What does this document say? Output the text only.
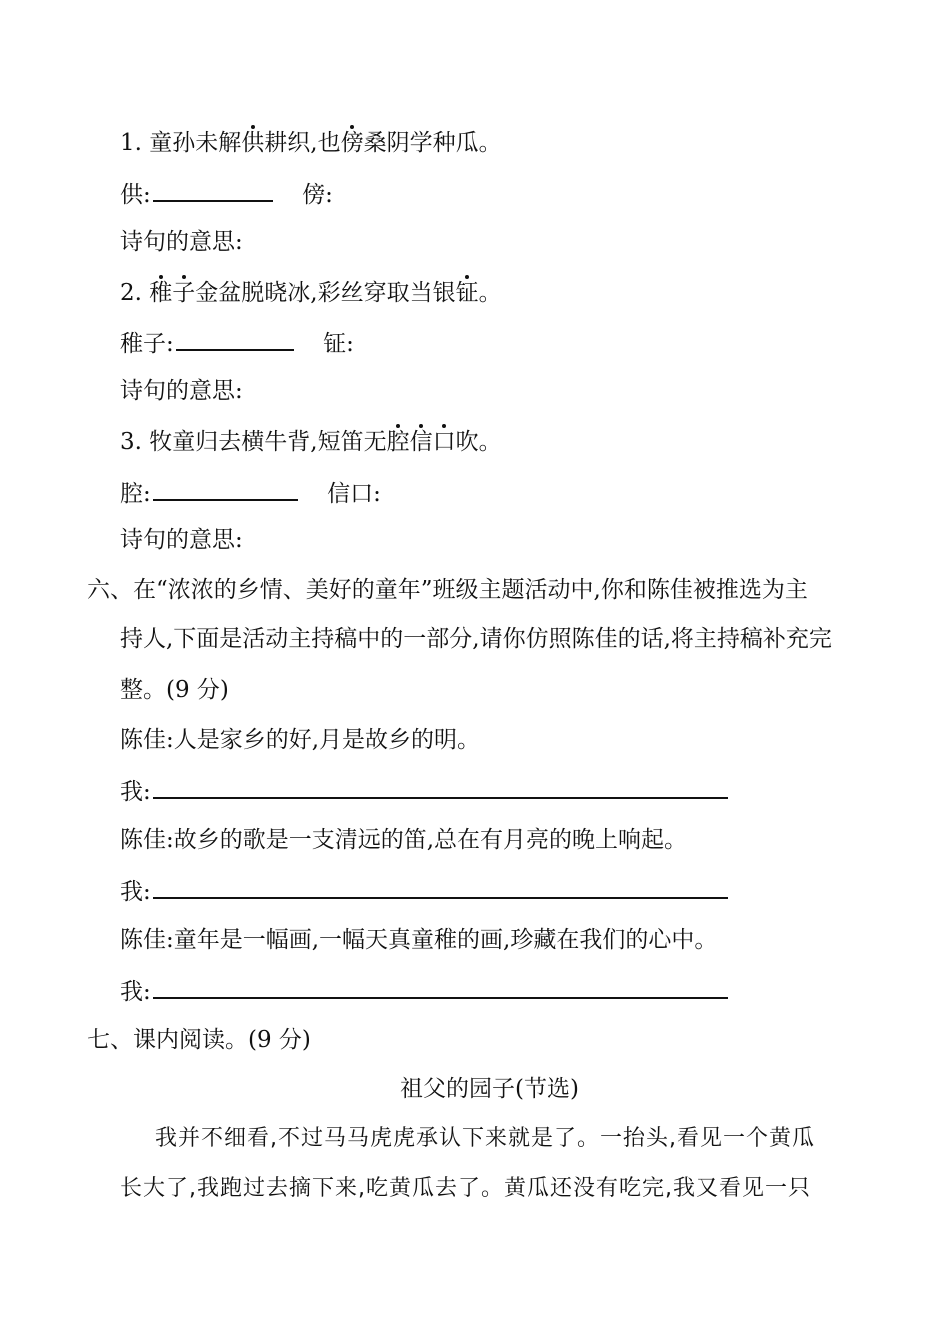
1. 童孙未解供耕织,也傍桑阴学种瓜。
供:	傍:
诗句的意思:
2. 稚子金盆脱晓冰,彩丝穿取当银钲。
稚子:	钲:
诗句的意思:
3. 牧童归去横牛背,短笛无腔信口吹。
腔:	信口:
诗句的意思:
六、在“浓浓的乡情、美好的童年”班级主题活动中,你和陈佳被推选为主
持人,下面是活动主持稿中的一部分,请你仿照陈佳的话,将主持稿补充完
整。(9 分)
陈佳:人是家乡的好,月是故乡的明。
我:
陈佳:故乡的歌是一支清远的笛,总在有月亮的晚上响起。
我:
陈佳:童年是一幅画,一幅天真童稚的画,珍藏在我们的心中。
我:
七、课内阅读。(9 分)
祖父的园子(节选)
我并不细看,不过马马虎虎承认下来就是了。一抬头,看见一个黄瓜
长大了,我跑过去摘下来,吃黄瓜去了。黄瓜还没有吃完,我又看见一只
